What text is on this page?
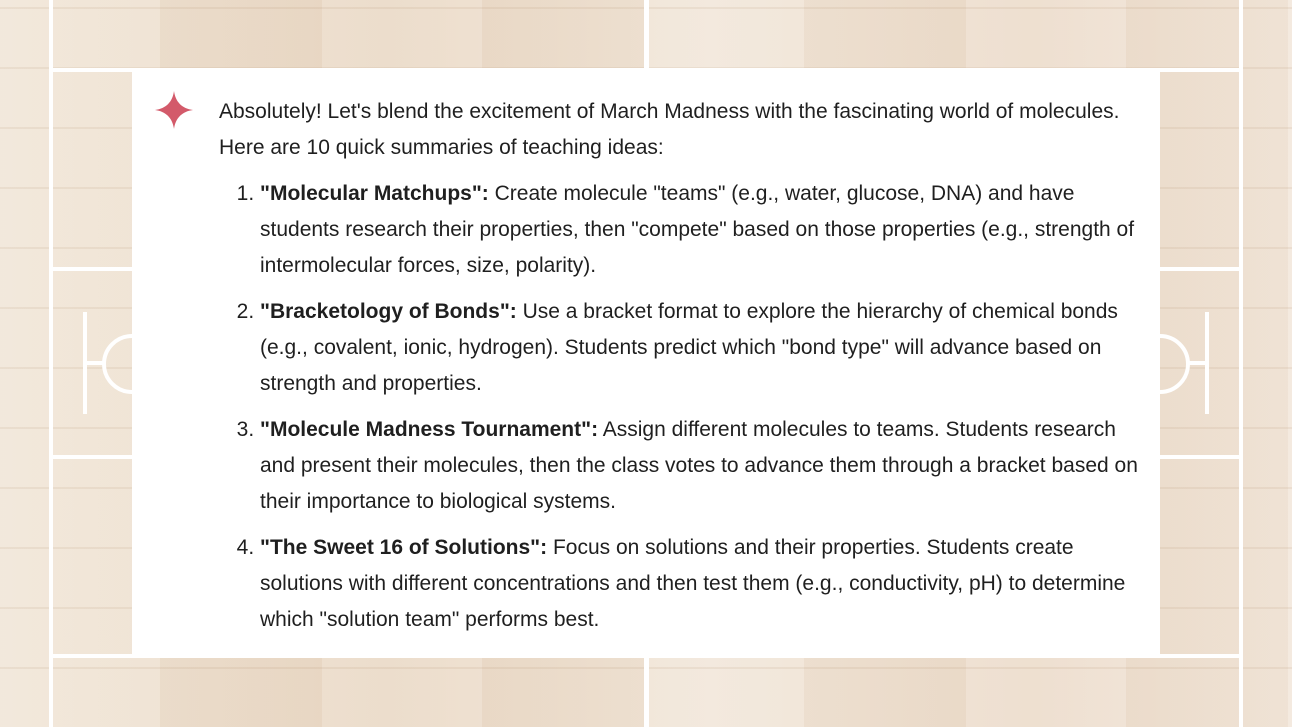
Absolutely! Let's blend the excitement of March Madness with the fascinating world of molecules. Here are 10 quick summaries of teaching ideas:

1. "Molecular Matchups": Create molecule "teams" (e.g., water, glucose, DNA) and have students research their properties, then "compete" based on those properties (e.g., strength of intermolecular forces, size, polarity).
2. "Bracketology of Bonds": Use a bracket format to explore the hierarchy of chemical bonds (e.g., covalent, ionic, hydrogen). Students predict which "bond type" will advance based on strength and properties.
3. "Molecule Madness Tournament": Assign different molecules to teams. Students research and present their molecules, then the class votes to advance them through a bracket based on their importance to biological systems.
4. "The Sweet 16 of Solutions": Focus on solutions and their properties. Students create solutions with different concentrations and then test them (e.g., conductivity, pH) to determine which "solution team" performs best.
